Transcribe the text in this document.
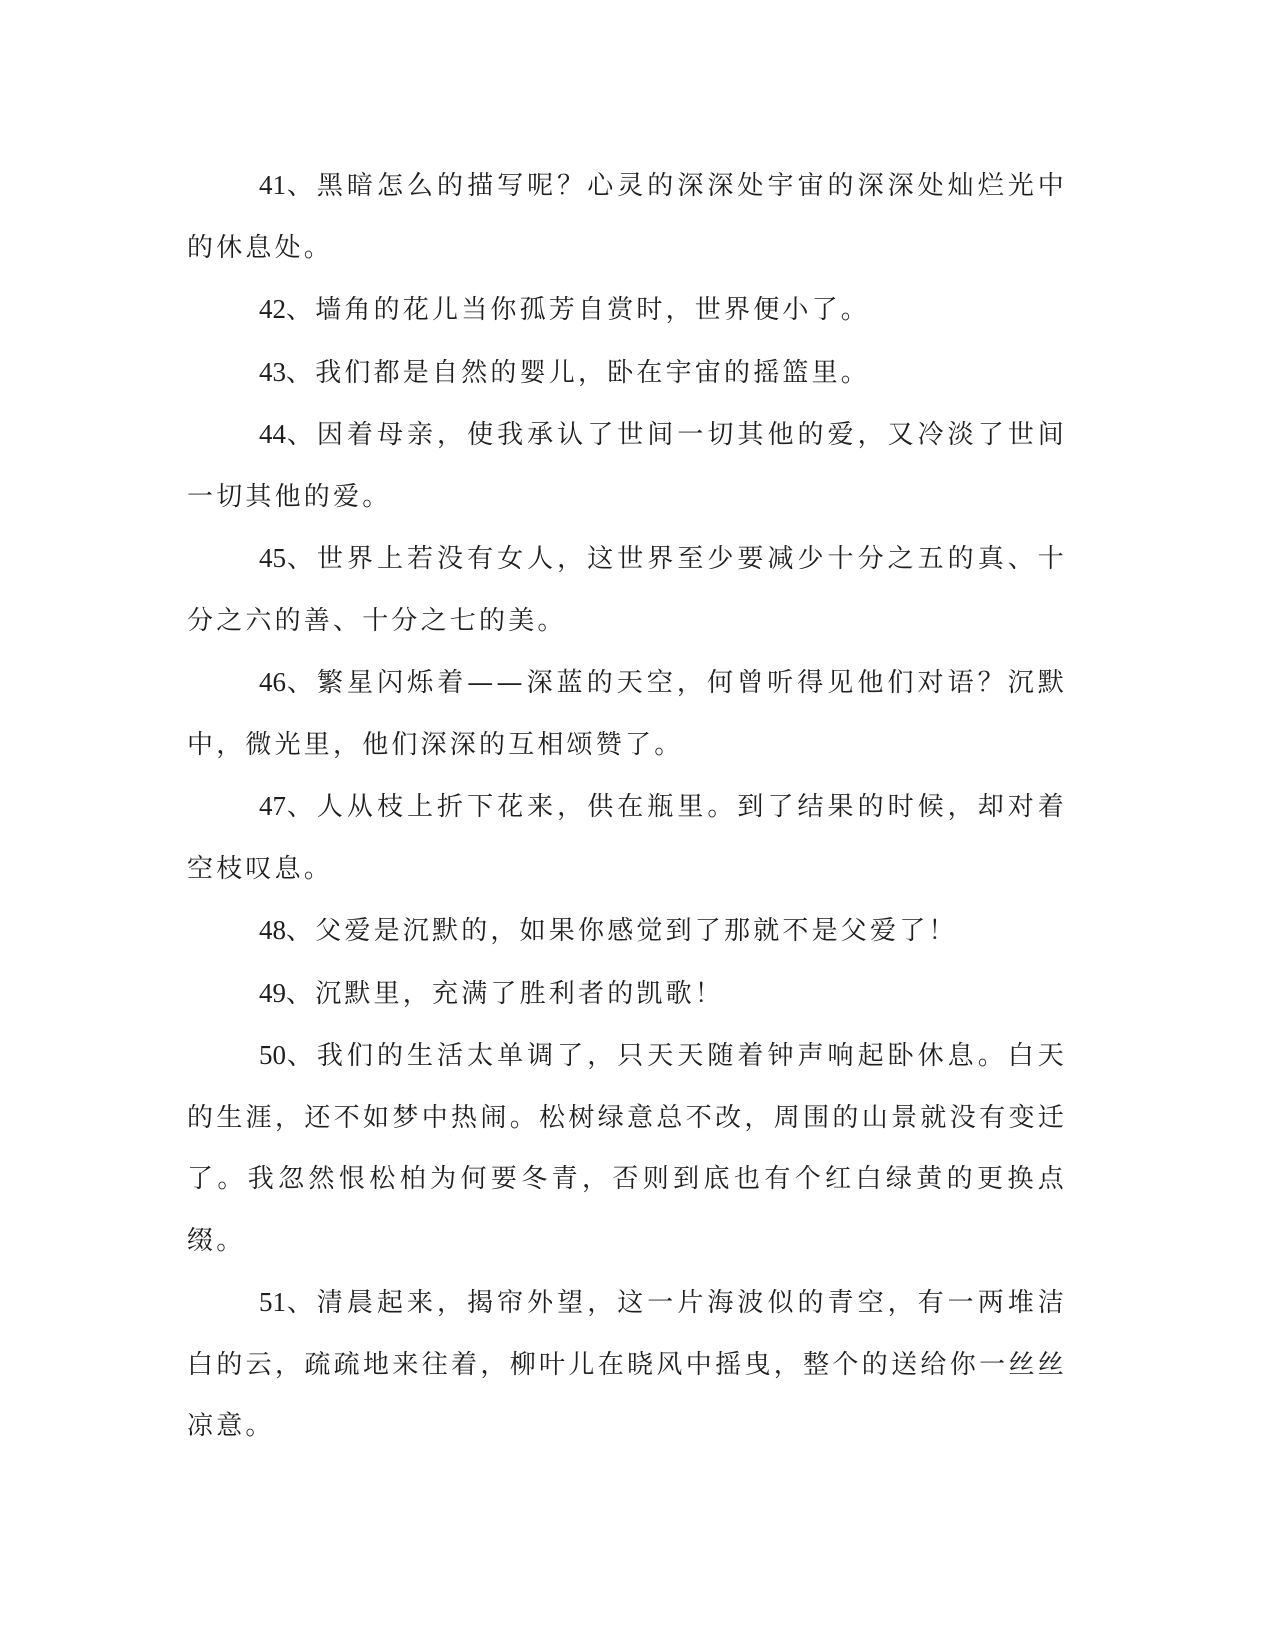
41、黑暗怎么的描写呢？心灵的深深处宇宙的深深处灿烂光中的休息处。

42、墙角的花儿当你孤芳自赏时，世界便小了。

43、我们都是自然的婴儿，卧在宇宙的摇篮里。

44、因着母亲，使我承认了世间一切其他的爱，又冷淡了世间一切其他的爱。

45、世界上若没有女人，这世界至少要减少十分之五的真、十分之六的善、十分之七的美。

46、繁星闪烁着——深蓝的天空，何曾听得见他们对语？沉默中，微光里，他们深深的互相颂赞了。

47、人从枝上折下花来，供在瓶里。到了结果的时候，却对着空枝叹息。

48、父爱是沉默的，如果你感觉到了那就不是父爱了！

49、沉默里，充满了胜利者的凯歌！

50、我们的生活太单调了，只天天随着钟声响起卧休息。白天的生涯，还不如梦中热闹。松树绿意总不改，周围的山景就没有变迁了。我忽然恨松柏为何要冬青，否则到底也有个红白绿黄的更换点缀。

51、清晨起来，揭帘外望，这一片海波似的青空，有一两堆洁白的云，疏疏地来往着，柳叶儿在晓风中摇曳，整个的送给你一丝丝凉意。
